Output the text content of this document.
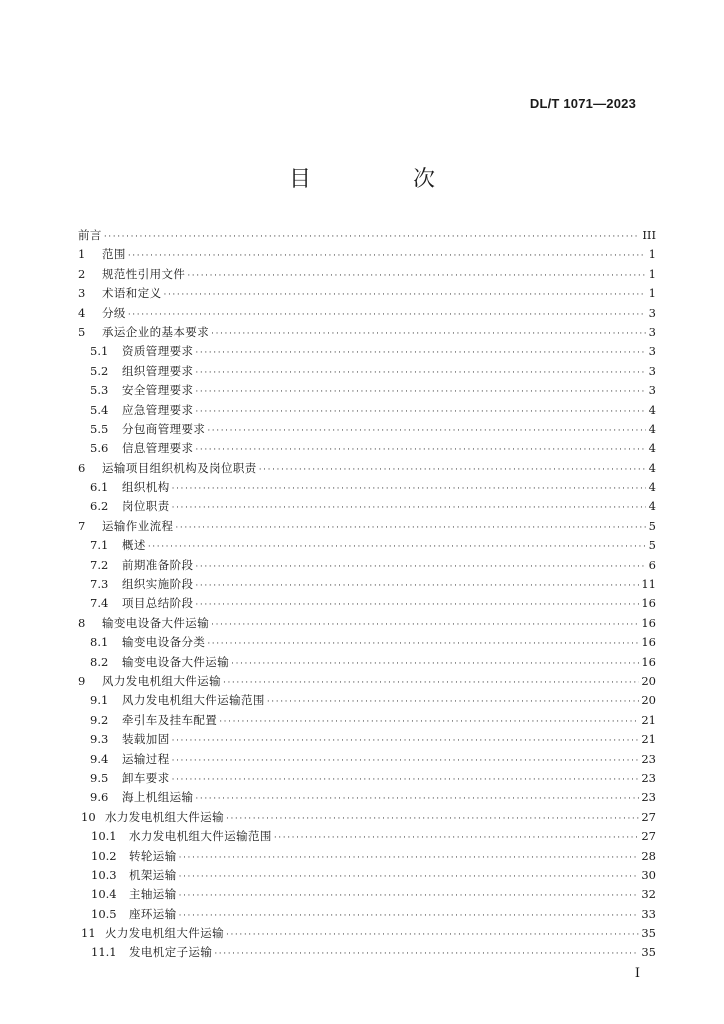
DL/T 1071—2023
目　次
前言 ·····	III
1	范围 ·····	1
2	规范性引用文件 ·····	1
3	术语和定义 ·····	1
4	分级 ·····	3
5	承运企业的基本要求 ·····	3
5.1	资质管理要求 ·····	3
5.2	组织管理要求 ·····	3
5.3	安全管理要求 ·····	3
5.4	应急管理要求 ·····	4
5.5	分包商管理要求 ·····	4
5.6	信息管理要求 ·····	4
6	运输项目组织机构及岗位职责 ·····	4
6.1	组织机构 ·····	4
6.2	岗位职责 ·····	4
7	运输作业流程 ·····	5
7.1	概述 ·····	5
7.2	前期准备阶段 ·····	6
7.3	组织实施阶段 ·····	11
7.4	项目总结阶段 ·····	16
8	输变电设备大件运输 ·····	16
8.1	输变电设备分类 ·····	16
8.2	输变电设备大件运输 ·····	16
9	风力发电机组大件运输 ·····	20
9.1	风力发电机组大件运输范围 ·····	20
9.2	牵引车及挂车配置 ·····	21
9.3	装载加固 ·····	21
9.4	运输过程 ·····	23
9.5	卸车要求 ·····	23
9.6	海上机组运输 ·····	23
10 水力发电机组大件运输 ·····	27
10.1	水力发电机组大件运输范围 ·····	27
10.2	转轮运输 ·····	28
10.3	机架运输 ·····	30
10.4	主轴运输 ·····	32
10.5	座环运输 ·····	33
11 火力发电机组大件运输 ·····	35
11.1	发电机定子运输 ·····	35
I
